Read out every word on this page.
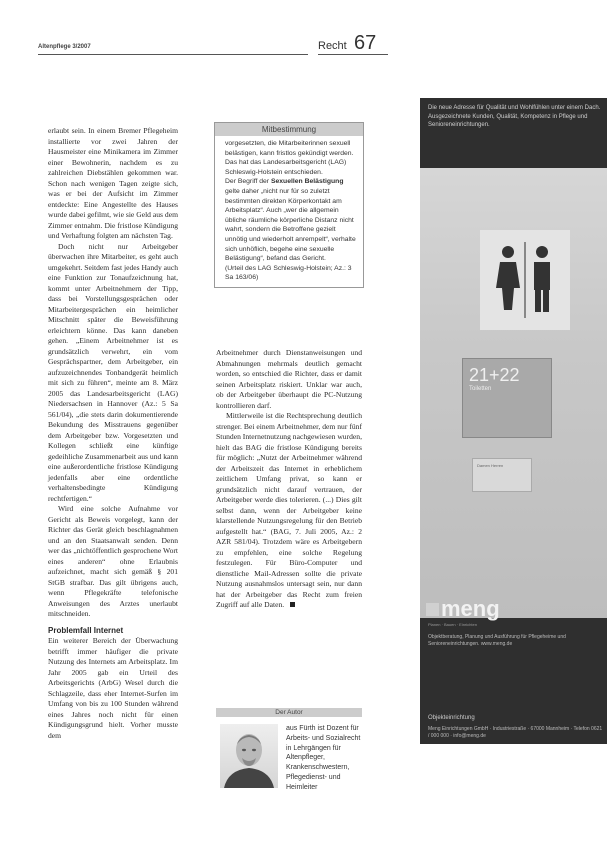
Altenpflege 3/2007	Recht 67

erlaubt sein. In einem Bremer Pflegeheim installierte vor zwei Jahren der Hausmeister eine Minikamera im Zimmer einer Bewohnerin, nachdem es zu zahlreichen Diebstählen gekommen war. Schon nach wenigen Tagen zeigte sich, was er bei der Aufsicht im Zimmer entdeckte: Eine Angestellte des Hauses wurde dabei gefilmt, wie sie Geld aus dem Zimmer entnahm. Die fristlose Kündigung und Verhaftung folgten am nächsten Tag.

Doch nicht nur Arbeitgeber überwachen ihre Mitarbeiter, es geht auch umgekehrt. Seitdem fast jedes Handy auch eine Funktion zur Tonaufzeichnung hat, kommt unter Arbeitnehmern der Tipp, dass bei Vorstellungsgesprächen oder Mitarbeitergesprächen ein heimlicher Mitschnitt später die Beweisführung erleichtern könne. Das kann daneben gehen. „Einem Arbeitnehmer ist es grundsätzlich verwehrt, ein vom Gesprächspartner, dem Arbeitgeber, ein aufzuzeichnendes Tonbandgerät heimlich mit sich zu führen“, meinte am 8. März 2005 das Landesarbeitsgericht (LAG) Niedersachsen in Hannover (Az.: 5 Sa 561/04), „die stets darin dokumentierende Bekundung des Misstrauens gegenüber dem Arbeitgeber bzw. Vorgesetzten und Kollegen schließt eine künftige gedeihliche Zusammenarbeit aus und kann eine außerordentliche fristlose Kündigung jedenfalls aber eine ordentliche verhaltensbedingte Kündigung rechtfertigen.“

Wird eine solche Aufnahme vor Gericht als Beweis vorgelegt, kann der Richter das Gerät gleich beschlagnahmen und an den Staatsanwalt senden. Denn wer das „nichtöffentlich gesprochene Wort eines anderen“ ohne Erlaubnis aufzeichnet, macht sich gemäß § 201 StGB strafbar. Das gilt übrigens auch, wenn Pflegekräfte telefonische Anweisungen des Arztes unerlaubt mitschneiden.

Problemfall Internet

Ein weiterer Bereich der Überwachung betrifft immer häufiger die private Nutzung des Internets am Arbeitsplatz. Im Jahr 2005 gab ein Urteil des Arbeitsgerichts (ArbG) Wesel durch die Schlagzeile, dass eher Internet-Surfen im Umfang von bis zu 100 Stunden während eines Jahres noch nicht für einen Kündigungsgrund hielt. Vorher musste dem

Mitbestimmung
vorgesetzten, die Mitarbeiterinnen sexuell belästigen, kann fristlos gekündigt werden. Das hat das Landesarbeitsgericht (LAG) Schleswig-Holstein entschieden.
Der Begriff der Sexuellen Belästigung gelte daher „nicht nur für so zuletzt bestimmten direkten Körperkontakt am Arbeitsplatz“. Auch „wer die allgemein übliche räumliche körperliche Distanz nicht wahrt, sondern die Betroffene gezielt unnötig und wiederholt anrempelt“, verhalte sich unhöflich, begehe eine sexuelle Belästigung“, befand das Gericht.
(Urteil des LAG Schleswig-Holstein; Az.: 3 Sa 163/06)

Arbeitnehmer durch Dienstanweisungen und Abmahnungen mehrmals deutlich gemacht worden, so entschied die Richter, dass er damit seinen Arbeitsplatz riskiert. Unklar war auch, ob der Arbeitgeber überhaupt die PC-Nutzung kontrollieren darf.

Mittlerweile ist die Rechtsprechung deutlich strenger. Bei einem Arbeitnehmer, dem nur fünf Stunden Internetnutzung nachgewiesen wurden, hielt das BAG die fristlose Kündigung bereits für möglich: „Nutzt der Arbeitnehmer während der Arbeitszeit das Internet in erheblichem zeitlichem Umfang privat, so kann er grundsätzlich nicht darauf vertrauen, der Arbeitgeber werde dies tolerieren. (...) Dies gilt selbst dann, wenn der Arbeitgeber keine klarstellende Nutzungsregelung für den Betrieb aufgestellt hat.“ (BAG, 7. Juli 2005, Az.: 2 AZR 581/04). Trotzdem wäre es Arbeitgebern zu empfehlen, eine solche Regelung festzulegen. Für Büro-Computer und dienstliche Mail-Adressen sollte die private Nutzung ausnahmslos untersagt sein, nur dann hat der Arbeitgeber das Recht zum freien Zugriff auf alle Daten.

Der Autor
aus Fürth ist Dozent für Arbeits- und Sozialrecht in Lehrgängen für Altenpfleger, Krankenschwestern, Pflegedienst- und Heimleiter
Die neue Adresse für Qualität und Wohlfühlen unter einem Dach. Ausgezeichnete Kunden, Qualität, Kompetenz in Pflege und Senioreneinrichtungen.
21+22
Toiletten
Damen Herren
meng
Planen · Bauen · Einrichten
Objektberatung, Planung und Ausführung für Pflegeheime und Senioreneinrichtungen. www.meng.de
Objekteinrichtung
Meng Einrichtungen GmbH · Industriestraße · 67000 Mannheim · Telefon 0621 / 000 000 · info@meng.de
